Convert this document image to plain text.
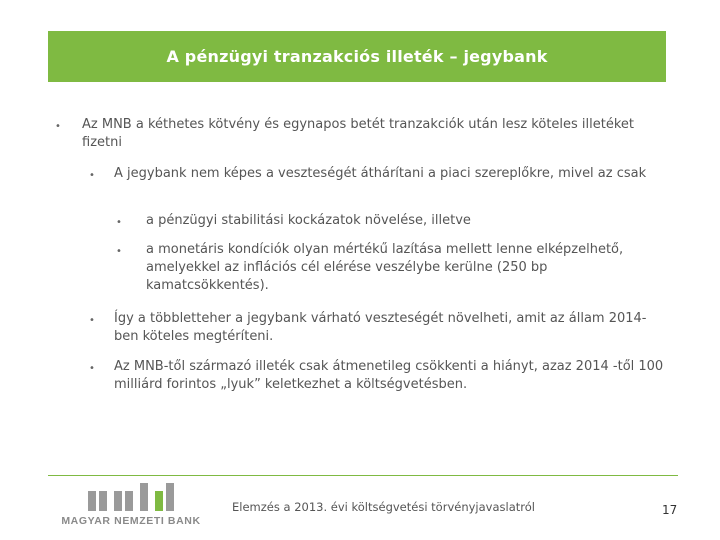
A pénzügyi tranzakciós illeték – jegybank
• Az MNB a kéthetes kötvény és egynapos betét tranzakciók után lesz köteles illetéket fizetni
• A jegybank nem képes a veszteségét áthárítani a piaci szereplőkre, mivel az csak
• a pénzügyi stabilitási kockázatok növelése, illetve
• a monetáris kondíciók olyan mértékű lazítása mellett lenne elképzelhető, amelyekkel az inflációs cél elérése veszélybe kerülne (250 bp kamatcsökkentés).
• Így a többletteher a jegybank várható veszteségét növelheti, amit az állam 2014-ben köteles megtéríteni.
• Az MNB-től származó illeték csak átmenetileg csökkenti a hiányt, azaz 2014 -től 100 milliárd forintos „lyuk” keletkezhet a költségvetésben.
MAGYAR NEMZETI BANK
Elemzés a 2013. évi költségvetési törvényjavaslatról	17
